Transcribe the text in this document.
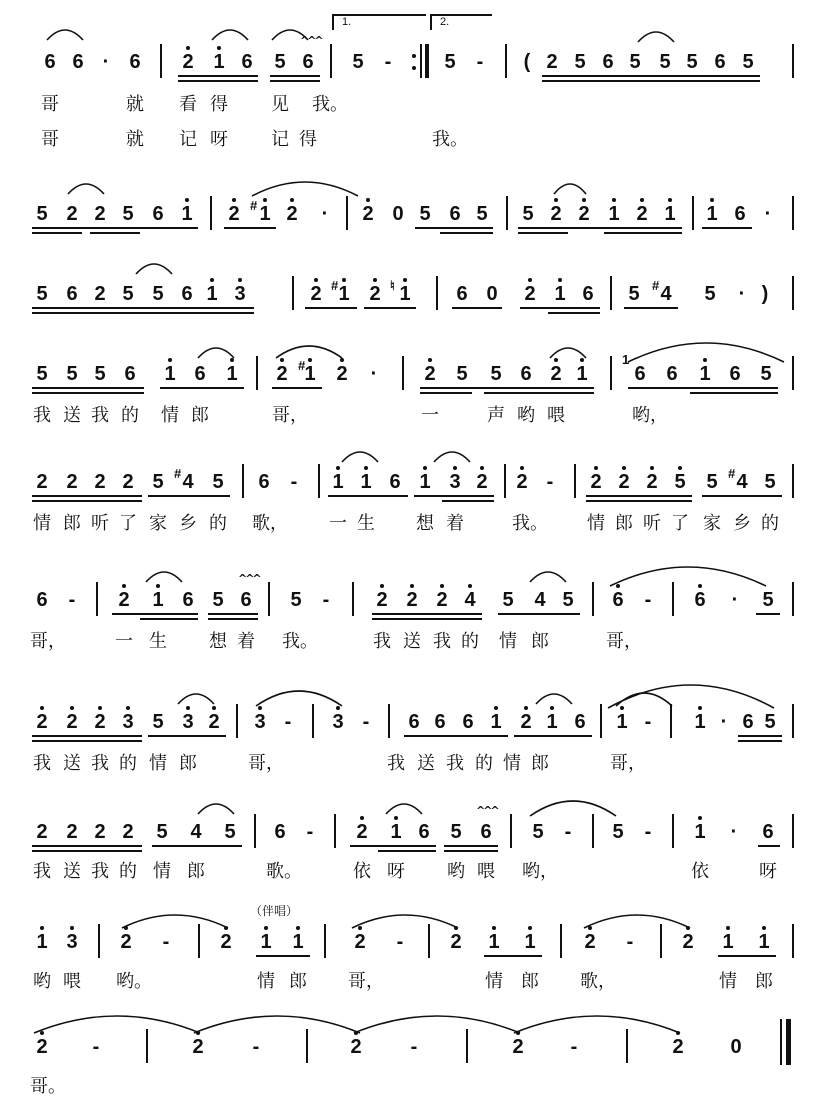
6 6 · 6 2 1 6
^^^
5 6
1.
5 -
2.
5 - ( 2 5 6 5 5 5 6 5
哥	就 看 得 见 我。
哥	就 记 呀 记 得	我。
5 2 2 5 6 1 2 # 1 2 · 2 0 5 6 5 5 2 2 1 2 1 1 6 ·
5 6 2 5 5 6 1 3	2 # 1 2 ♮ 1 6 0 2 1 6 5 # 4 5 · )
5 5 5 6 1 6 1 2 # 1 2 · 2 5 5 6 2 1
1
6 6 1 6 5
我 送 我 的 情 郎	哥，	一	声 哟 喂	哟，
2 2 2 2 5 # 4 5 6 - 1 1 6 1 3 2 2 - 2 2 2 5 5 # 4 5
情 郎 听 了 家 乡 的 歌， 一 生 想 着	我。 情 郎 听 了 家 乡 的
6 -
^^^
2 1 6 5 6 5 - 2 2 2 4 5 4 5 6 - 6 · 5
哥，	一 生 想 着 我。	我 送 我 的 情 郎	哥，
2 2 2 3 5 3 2 3 - 3 - 6 6 6 1 2 1 6 1 - 1 · 6 5
我 送 我 的 情 郎	哥，	我 送 我 的 情 郎	哥，
2 2 2 2 5 4 5 6 -
^^^
2 1 6 5 6 5 - 5 - 1 · 6
我 送 我 的 情 郎	歌。	依 呀 哟 喂 哟，	依	呀
（伴唱）
1 3 2 -	2 1 1	2 - 2 1 1 2 - 2 1 1
哟 喂 哟。	情 郎 哥，	情 郎 歌，	情 郎
2 -	2 -	2 -	2 -	2 0
哥。
